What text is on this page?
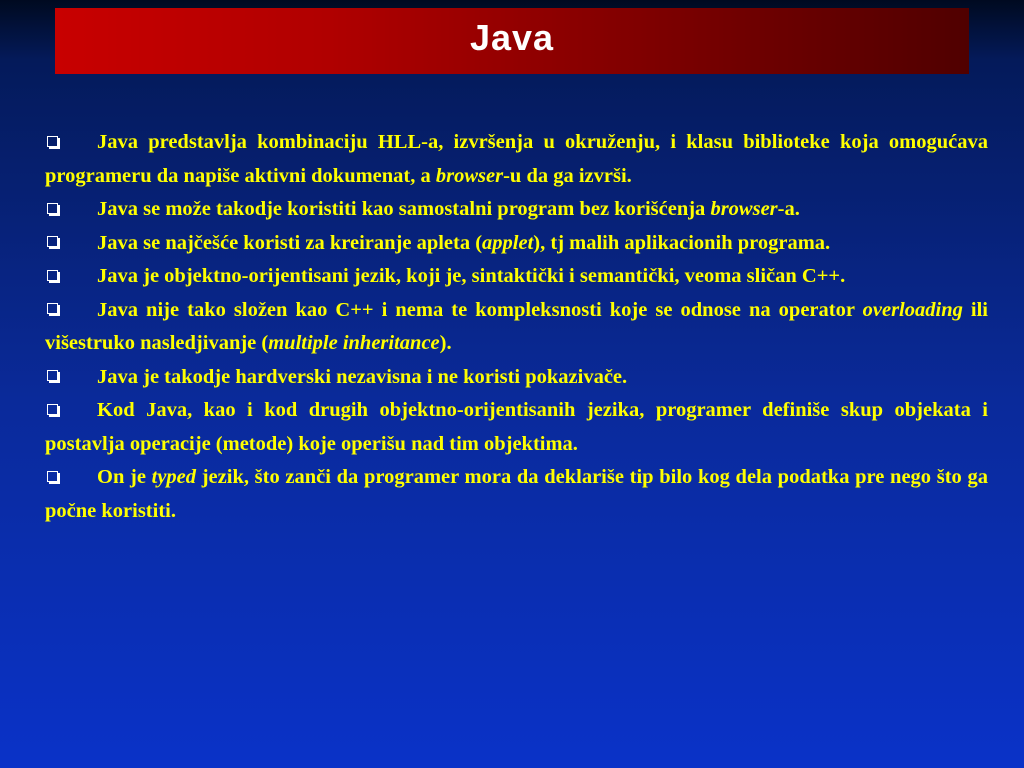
Java

Java predstavlja kombinaciju HLL-a, izvršenja u okruženju, i klasu biblioteke koja omogućava programeru da napiše aktivni dokumenat, a browser-u da ga izvrši.

Java se može takodje koristiti kao samostalni program bez korišćenja browser-a.

Java se najčešće koristi za kreiranje apleta (applet), tj malih aplikacionih programa.

Java je objektno-orijentisani jezik, koji je, sintaktički i semantički, veoma sličan C++.

Java nije tako složen kao C++ i nema te kompleksnosti koje se odnose na operator overloading ili višestruko nasledjivanje (multiple inheritance).

Java je takodje hardverski nezavisna i ne koristi pokazivače.

Kod Java, kao i kod drugih objektno-orijentisanih jezika, programer definiše skup objekata i postavlja operacije (metode) koje operišu nad tim objektima.

On je typed jezik, što zanči da programer mora da deklariše tip bilo kog dela podatka pre nego što ga počne koristiti.
